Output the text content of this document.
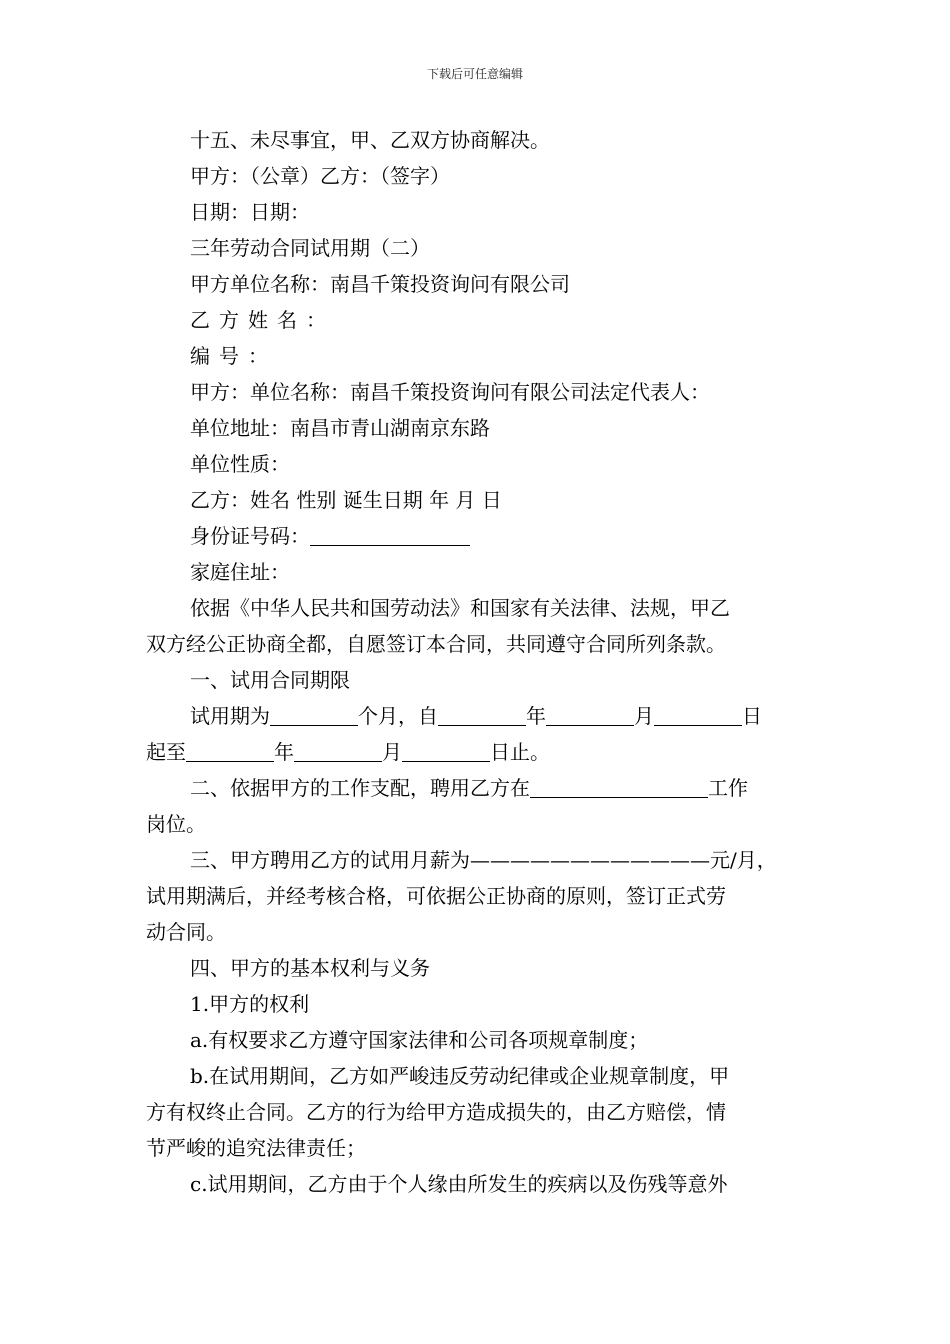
下载后可任意编辑
十五、未尽事宜，甲、乙双方协商解决。
甲方：（公章）乙方：（签字）
日期：日期：
三年劳动合同试用期（二）
甲方单位名称：南昌千策投资询问有限公司
乙方姓名：
编号：
甲方：单位名称：南昌千策投资询问有限公司法定代表人：
单位地址：南昌市青山湖南京东路
单位性质：
乙方：姓名 性别 诞生日期 年 月 日
身份证号码：
家庭住址：
依据《中华人民共和国劳动法》和国家有关法律、法规，甲乙
双方经公正协商全都，自愿签订本合同，共同遵守合同所列条款。
一、试用合同期限
试用期为	个月，自	年	月	日
起至	年	月	日止。
二、依据甲方的工作支配，聘用乙方在	工作
岗位。
三、甲方聘用乙方的试用月薪为————————————元/月，
试用期满后，并经考核合格，可依据公正协商的原则，签订正式劳
动合同。
四、甲方的基本权利与义务
1.甲方的权利
a.有权要求乙方遵守国家法律和公司各项规章制度；
b.在试用期间，乙方如严峻违反劳动纪律或企业规章制度，甲
方有权终止合同。乙方的行为给甲方造成损失的，由乙方赔偿，情
节严峻的追究法律责任；
c.试用期间，乙方由于个人缘由所发生的疾病以及伤残等意外
